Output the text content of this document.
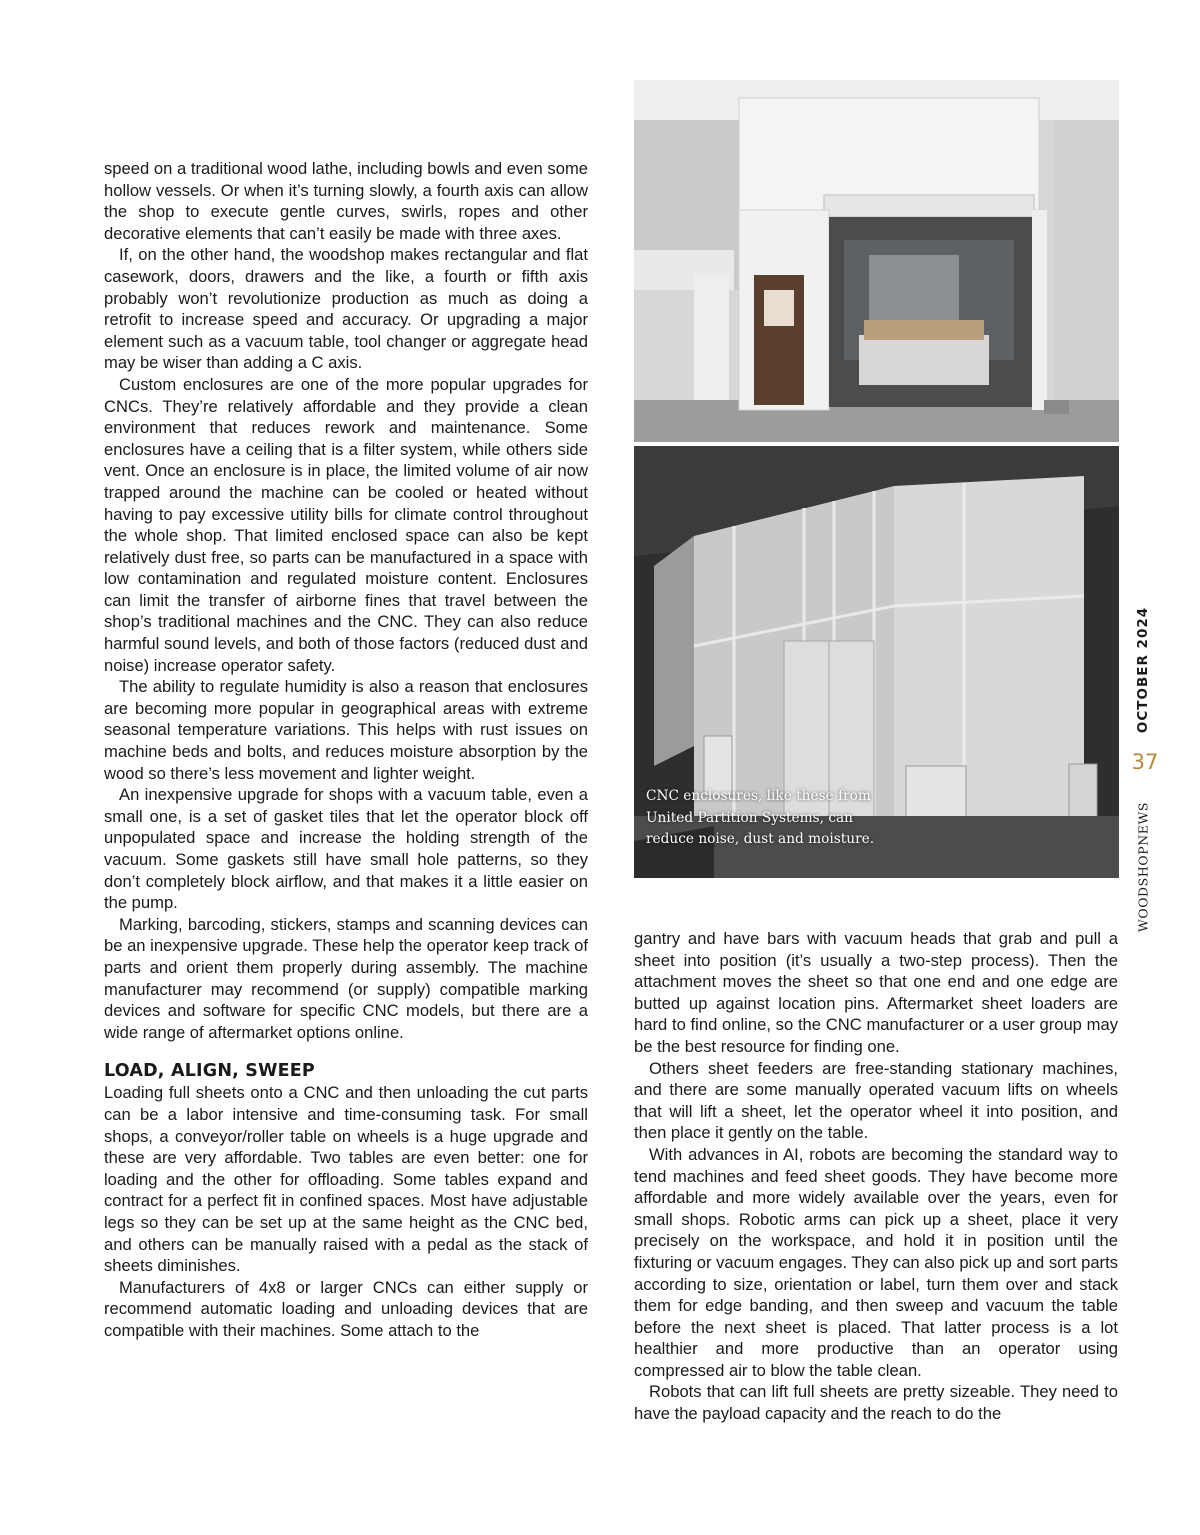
speed on a traditional wood lathe, including bowls and even some hollow vessels. Or when it’s turning slowly, a fourth axis can allow the shop to execute gentle curves, swirls, ropes and other decorative elements that can’t easily be made with three axes.

If, on the other hand, the woodshop makes rectangular and flat casework, doors, drawers and the like, a fourth or fifth axis probably won’t revolutionize production as much as doing a retrofit to increase speed and accuracy. Or upgrading a major element such as a vacuum table, tool changer or aggregate head may be wiser than adding a C axis.

Custom enclosures are one of the more popular upgrades for CNCs. They’re relatively affordable and they provide a clean environment that reduces rework and maintenance. Some enclosures have a ceiling that is a filter system, while others side vent. Once an enclosure is in place, the limited volume of air now trapped around the machine can be cooled or heated without having to pay excessive utility bills for climate control throughout the whole shop. That limited enclosed space can also be kept relatively dust free, so parts can be manufactured in a space with low contamination and regulated moisture content. Enclosures can limit the transfer of airborne fines that travel between the shop’s traditional machines and the CNC. They can also reduce harmful sound levels, and both of those factors (reduced dust and noise) increase operator safety.

The ability to regulate humidity is also a reason that enclosures are becoming more popular in geographical areas with extreme seasonal temperature variations. This helps with rust issues on machine beds and bolts, and reduces moisture absorption by the wood so there’s less movement and lighter weight.

An inexpensive upgrade for shops with a vacuum table, even a small one, is a set of gasket tiles that let the operator block off unpopulated space and increase the holding strength of the vacuum. Some gaskets still have small hole patterns, so they don’t completely block airflow, and that makes it a little easier on the pump.

Marking, barcoding, stickers, stamps and scanning devices can be an inexpensive upgrade. These help the operator keep track of parts and orient them properly during assembly. The machine manufacturer may recommend (or supply) compatible marking devices and software for specific CNC models, but there are a wide range of aftermarket options online.

LOAD, ALIGN, SWEEP

Loading full sheets onto a CNC and then unloading the cut parts can be a labor intensive and time-consuming task. For small shops, a conveyor/roller table on wheels is a huge upgrade and these are very affordable. Two tables are even better: one for loading and the other for offloading. Some tables expand and contract for a perfect fit in confined spaces. Most have adjustable legs so they can be set up at the same height as the CNC bed, and others can be manually raised with a pedal as the stack of sheets diminishes.

Manufacturers of 4x8 or larger CNCs can either supply or recommend automatic loading and unloading devices that are compatible with their machines. Some attach to the

CNC enclosures, like these from United Partition Systems, can reduce noise, dust and moisture.

gantry and have bars with vacuum heads that grab and pull a sheet into position (it’s usually a two-step process). Then the attachment moves the sheet so that one end and one edge are butted up against location pins. Aftermarket sheet loaders are hard to find online, so the CNC manufacturer or a user group may be the best resource for finding one.

Others sheet feeders are free-standing stationary machines, and there are some manually operated vacuum lifts on wheels that will lift a sheet, let the operator wheel it into position, and then place it gently on the table.

With advances in AI, robots are becoming the standard way to tend machines and feed sheet goods. They have become more affordable and more widely available over the years, even for small shops. Robotic arms can pick up a sheet, place it very precisely on the workspace, and hold it in position until the fixturing or vacuum engages. They can also pick up and sort parts according to size, orientation or label, turn them over and stack them for edge banding, and then sweep and vacuum the table before the next sheet is placed. That latter process is a lot healthier and more productive than an operator using compressed air to blow the table clean.

Robots that can lift full sheets are pretty sizeable. They need to have the payload capacity and the reach to do the

OCTOBER 2024
37
WOODSHOPNEWS
